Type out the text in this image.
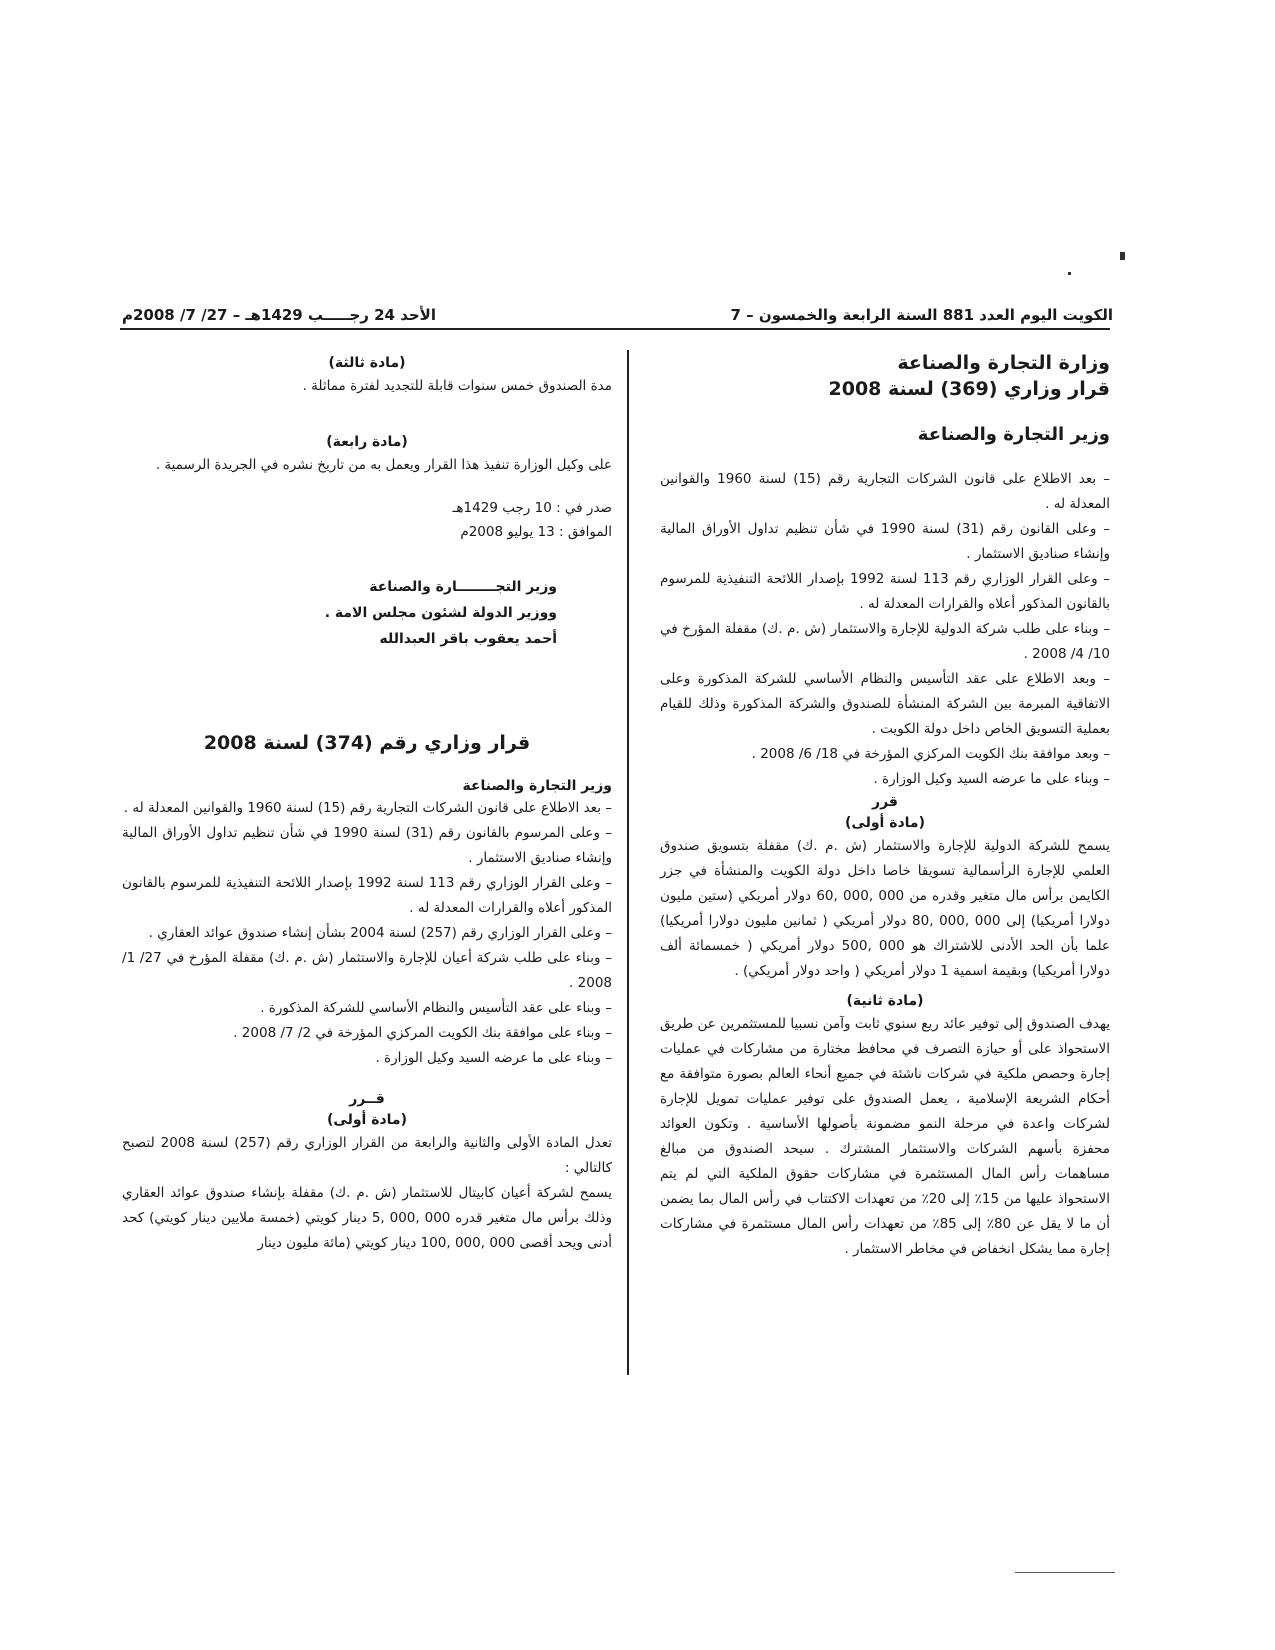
الكويت اليوم العدد 881 السنة الرابعة والخمسون – 7
الأحد 24 رجـــــب 1429هـ – 27/ 7/ 2008م

وزارة التجارة والصناعة

قرار وزاري (369) لسنة 2008

وزير التجارة والصناعة

– بعد الاطلاع على قانون الشركات التجارية رقم (15) لسنة 1960 والقوانين المعدلة له .

– وعلى القانون رقم (31) لسنة 1990 في شأن تنظيم تداول الأوراق المالية وإنشاء صناديق الاستثمار .

– وعلى القرار الوزاري رقم 113 لسنة 1992 بإصدار اللائحة التنفيذية للمرسوم بالقانون المذكور أعلاه والقرارات المعدلة له .

– وبناء على طلب شركة الدولية للإجارة والاستثمار (ش .م .ك) مقفلة المؤرخ في 10/ 4/ 2008 .

– وبعد الاطلاع على عقد التأسيس والنظام الأساسي للشركة المذكورة وعلى الاتفاقية المبرمة بين الشركة المنشأة للصندوق والشركة المذكورة وذلك للقيام بعملية التسويق الخاص داخل دولة الكويت .

– وبعد موافقة بنك الكويت المركزي المؤرخة في 18/ 6/ 2008 .

– وبناء على ما عرضه السيد وكيل الوزارة .

قرر

(مادة أولى)

يسمح للشركة الدولية للإجارة والاستثمار (ش .م .ك) مقفلة بتسويق صندوق العلمي للإجارة الرأسمالية تسويقا خاصا داخل دولة الكويت والمنشأة في جزر الكايمن برأس مال متغير وقدره من 000 ,000 ,60 دولار أمريكي (ستين مليون دولارا أمريكيا) إلى 000 ,000 ,80 دولار أمريكي ( ثمانين مليون دولارا أمريكيا) علما بأن الحد الأدنى للاشتراك هو 000 ,500 دولار أمريكي ( خمسمائة ألف دولارا أمريكيا) وبقيمة اسمية 1 دولار أمريكي ( واحد دولار أمريكي) .

(مادة ثانية)

يهدف الصندوق إلى توفير عائد ريع سنوي ثابت وآمن نسبيا للمستثمرين عن طريق الاستحواذ على أو حيازة التصرف في محافظ مختارة من مشاركات في عمليات إجارة وحصص ملكية في شركات ناشئة في جميع أنحاء العالم بصورة متوافقة مع أحكام الشريعة الإسلامية ، يعمل الصندوق على توفير عمليات تمويل للإجارة لشركات واعدة في مرحلة النمو مضمونة بأصولها الأساسية . وتكون العوائد محفزة بأسهم الشركات والاستثمار المشترك . سيحد الصندوق من مبالغ مساهمات رأس المال المستثمرة في مشاركات حقوق الملكية التي لم يتم الاستحواذ عليها من 15٪ إلى 20٪ من تعهدات الاكتتاب في رأس المال بما يضمن أن ما لا يقل عن 80٪ إلى 85٪ من تعهدات رأس المال مستثمرة في مشاركات إجارة مما يشكل انخفاض في مخاطر الاستثمار .

(مادة ثالثة)

مدة الصندوق خمس سنوات قابلة للتجديد لفترة مماثلة .

(مادة رابعة)

على وكيل الوزارة تنفيذ هذا القرار ويعمل به من تاريخ نشره في الجريدة الرسمية .

صدر في : 10 رجب 1429هـ

الموافق : 13 يوليو 2008م

وزير التجــــــــارة والصناعة

ووزير الدولة لشئون مجلس الامة .

أحمد يعقوب باقر العبدالله

قرار وزاري رقم (374) لسنة 2008

وزير التجارة والصناعة

– بعد الاطلاع على قانون الشركات التجارية رقم (15) لسنة 1960 والقوانين المعدلة له .

– وعلى المرسوم بالقانون رقم (31) لسنة 1990 في شأن تنظيم تداول الأوراق المالية وإنشاء صناديق الاستثمار .

– وعلى القرار الوزاري رقم 113 لسنة 1992 بإصدار اللائحة التنفيذية للمرسوم بالقانون المذكور أعلاه والقرارات المعدلة له .

– وعلى القرار الوزاري رقم (257) لسنة 2004 بشأن إنشاء صندوق عوائد العقاري .

– وبناء على طلب شركة أعيان للإجارة والاستثمار (ش .م .ك) مقفلة المؤرخ في 27/ 1/ 2008 .

– وبناء على عقد التأسيس والنظام الأساسي للشركة المذكورة .

– وبناء على موافقة بنك الكويت المركزي المؤرخة في 2/ 7/ 2008 .

– وبناء على ما عرضه السيد وكيل الوزارة .

قــرر

(مادة أولى)

تعدل المادة الأولى والثانية والرابعة من القرار الوزاري رقم (257) لسنة 2008 لتصبح كالتالي :

يسمح لشركة أعيان كابيتال للاستثمار (ش .م .ك) مقفلة بإنشاء صندوق عوائد العقاري وذلك برأس مال متغير قدره 000 ,000 ,5 دينار كويتي (خمسة ملايين دينار كويتي) كحد أدنى ويحد أقصى 000 ,000 ,100 دينار كويتي (مائة مليون دينار
